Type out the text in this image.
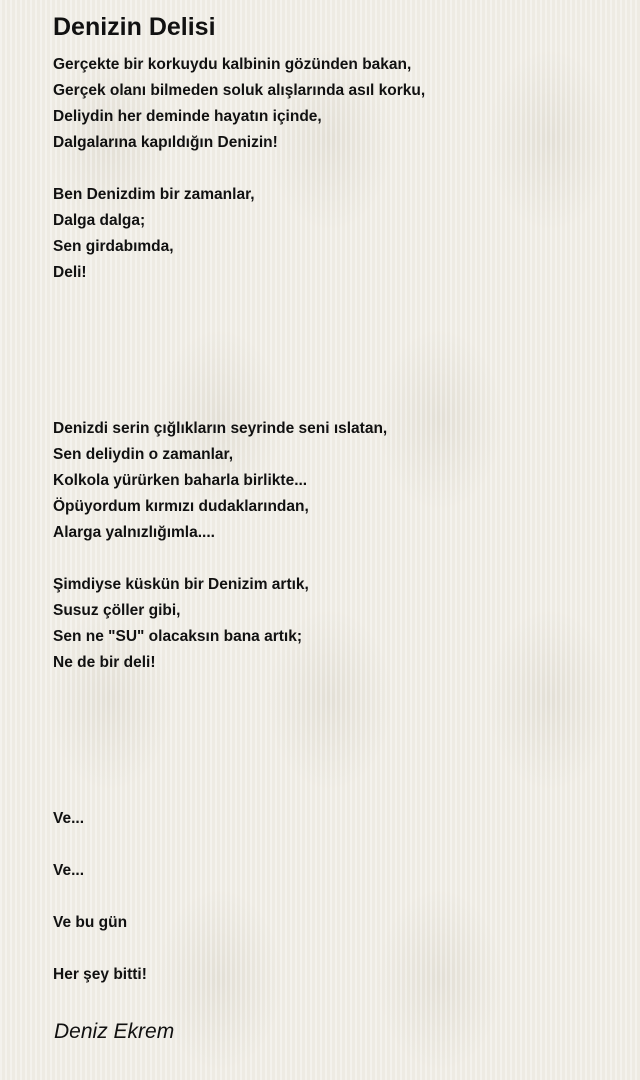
Denizin Delisi
Gerçekte bir korkuydu kalbinin gözünden bakan,
Gerçek olanı bilmeden soluk alışlarında asıl korku,
Deliydin her deminde hayatın içinde,
Dalgalarına kapıldığın Denizin!
Ben Denizdim bir zamanlar,
Dalga dalga;
Sen girdabımda,
Deli!
Denizdi serin çığlıkların seyrinde seni ıslatan,
Sen deliydin o zamanlar,
Kolkola yürürken baharla birlikte...
Öpüyordum kırmızı dudaklarından,
Alarga yalnızlığımla....
Şimdiyse küskün bir Denizim artık,
Susuz çöller gibi,
Sen ne "SU" olacaksın bana artık;
Ne de bir deli!
Ve...
Ve...
Ve bu gün
Her şey bitti!
Deniz Ekrem
